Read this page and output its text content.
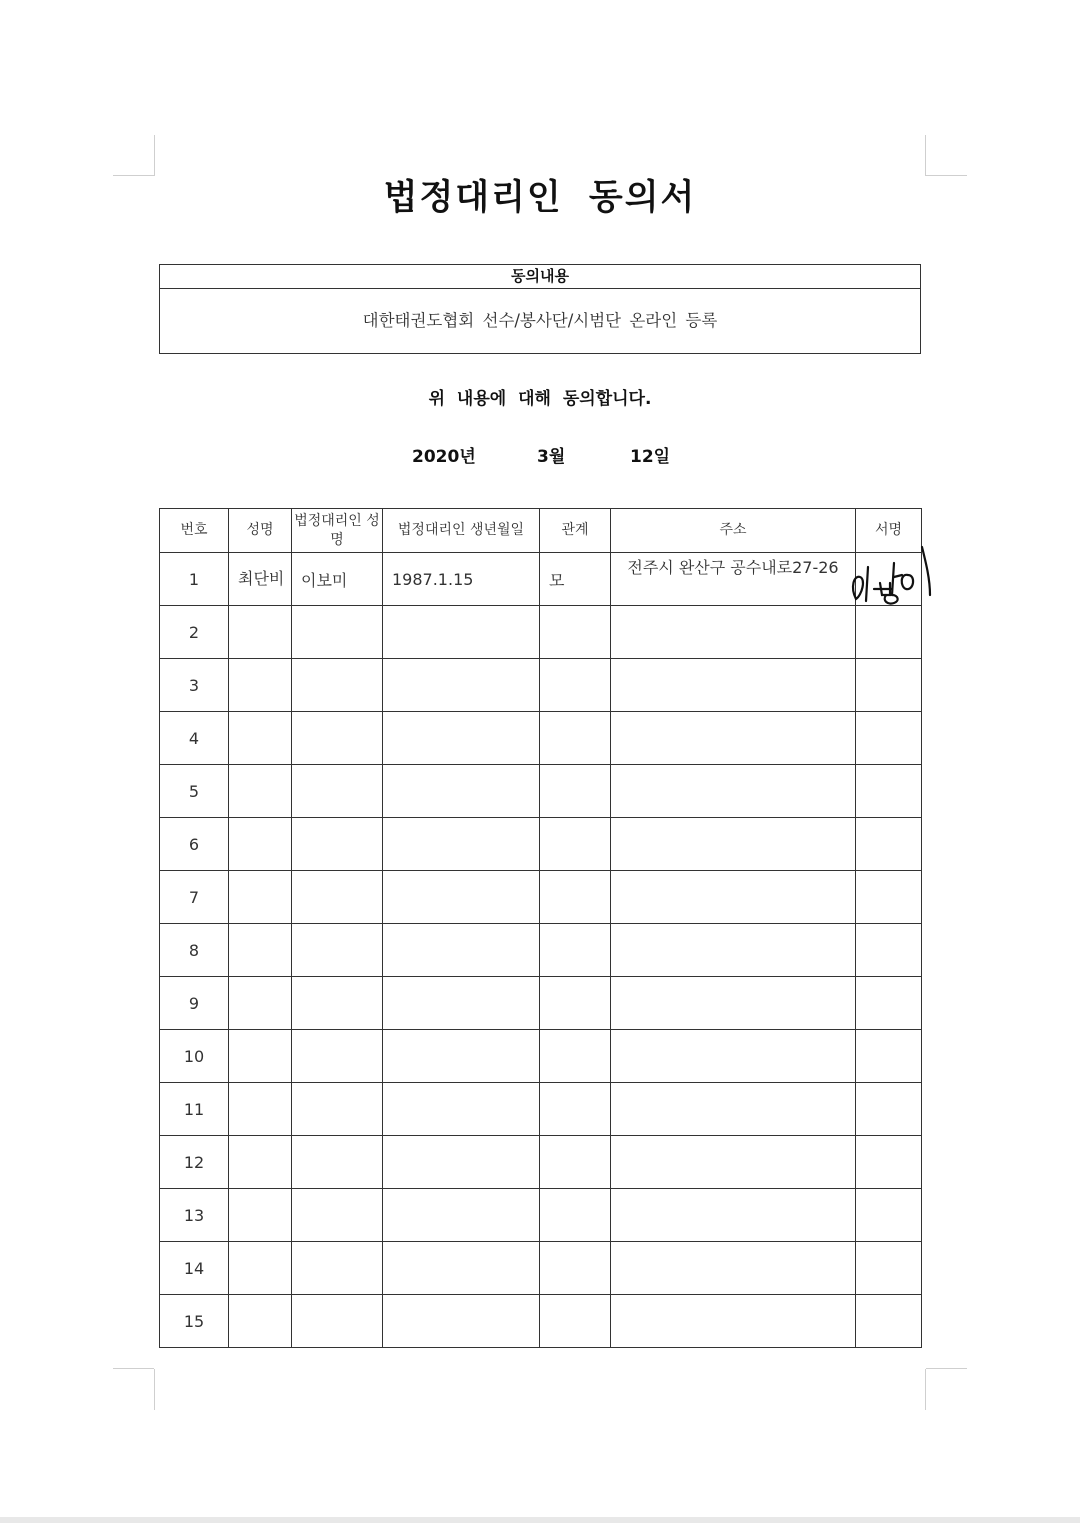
법정대리인 동의서
동의내용
대한태권도협회 선수/봉사단/시범단 온라인 등록
위 내용에 대해 동의합니다.
2020년	3월	12일
번호	성명	법정대리인 성명	법정대리인 생년월일	관계	주소	서명
1	최단비	이보미	1987.1.15	모	전주시 완산구 공수내로27-26	

2						
3						
4						
5						
6						
7						
8						
9						
10						
11						
12						
13						
14						
15						
